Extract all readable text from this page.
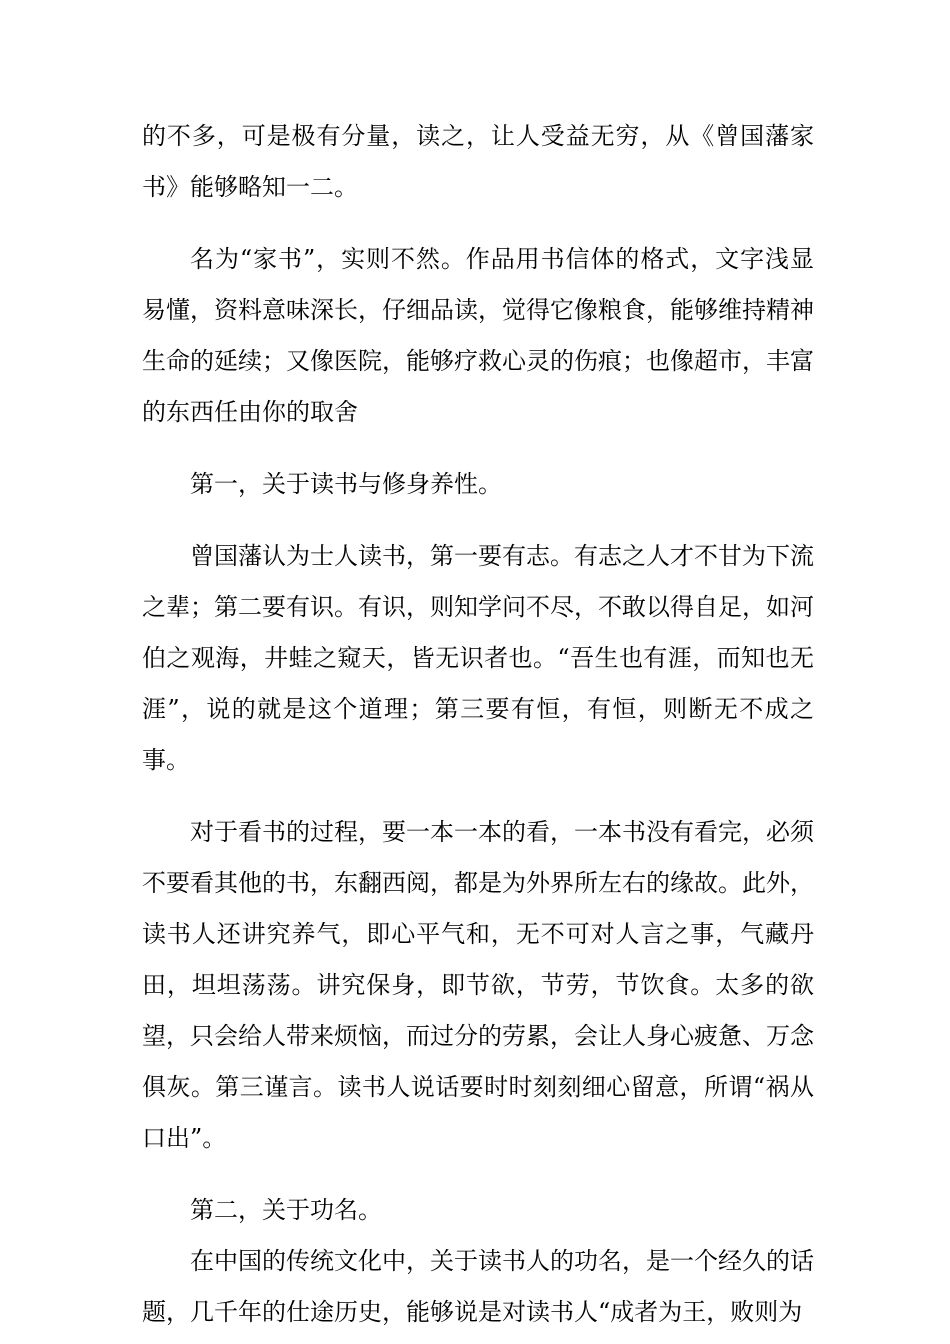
的不多，可是极有分量，读之，让人受益无穷，从《曾国藩家书》能够略知一二。

名为“家书”，实则不然。作品用书信体的格式，文字浅显易懂，资料意味深长，仔细品读，觉得它像粮食，能够维持精神生命的延续；又像医院，能够疗救心灵的伤痕；也像超市，丰富的东西任由你的取舍

第一，关于读书与修身养性。

曾国藩认为士人读书，第一要有志。有志之人才不甘为下流之辈；第二要有识。有识，则知学问不尽，不敢以得自足，如河伯之观海，井蛙之窥天，皆无识者也。“吾生也有涯，而知也无涯”，说的就是这个道理；第三要有恒，有恒，则断无不成之事。

对于看书的过程，要一本一本的看，一本书没有看完，必须不要看其他的书，东翻西阅，都是为外界所左右的缘故。此外，读书人还讲究养气，即心平气和，无不可对人言之事，气藏丹田，坦坦荡荡。讲究保身，即节欲，节劳，节饮食。太多的欲望，只会给人带来烦恼，而过分的劳累，会让人身心疲惫、万念俱灰。第三谨言。读书人说话要时时刻刻细心留意，所谓“祸从口出”。

第二，关于功名。

在中国的传统文化中，关于读书人的功名，是一个经久的话题，几千年的仕途历史，能够说是对读书人“成者为王，败则为
